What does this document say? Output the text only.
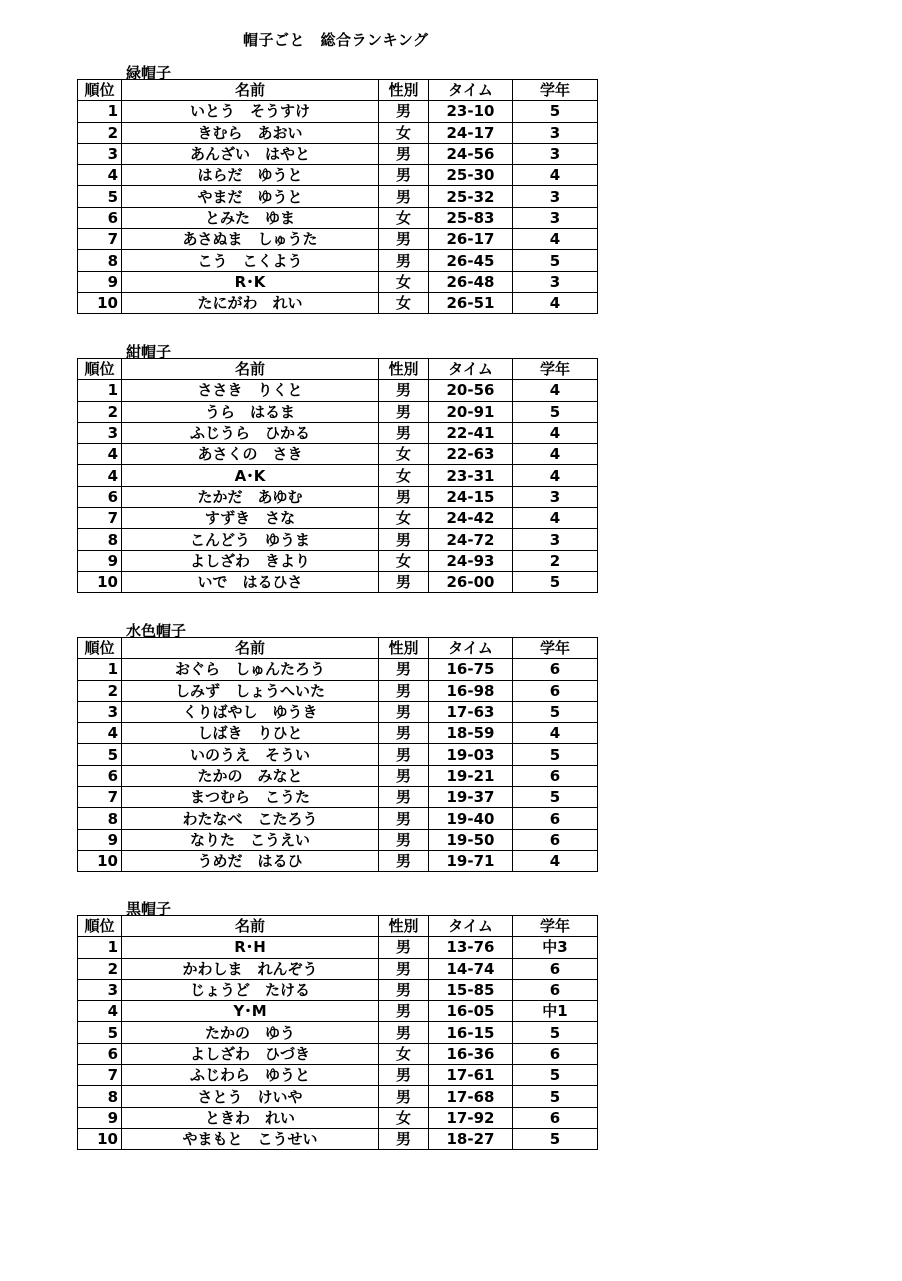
帽子ごと　総合ランキング
緑帽子
順位	名前	性別	タイム	学年
1	いとう　そうすけ	男	23-10	5
2	きむら　あおい	女	24-17	3
3	あんざい　はやと	男	24-56	3
4	はらだ　ゆうと	男	25-30	4
5	やまだ　ゆうと	男	25-32	3
6	とみた　ゆま	女	25-83	3
7	あさぬま　しゅうた	男	26-17	4
8	こう　こくよう	男	26-45	5
9	R･K	女	26-48	3
10	たにがわ　れい	女	26-51	4
紺帽子
順位	名前	性別	タイム	学年
1	ささき　りくと	男	20-56	4
2	うら　はるま	男	20-91	5
3	ふじうら　ひかる	男	22-41	4
4	あさくの　さき	女	22-63	4
4	A･K	女	23-31	4
6	たかだ　あゆむ	男	24-15	3
7	すずき　さな	女	24-42	4
8	こんどう　ゆうま	男	24-72	3
9	よしざわ　きより	女	24-93	2
10	いで　はるひさ	男	26-00	5
水色帽子
順位	名前	性別	タイム	学年
1	おぐら　しゅんたろう	男	16-75	6
2	しみず　しょうへいた	男	16-98	6
3	くりばやし　ゆうき	男	17-63	5
4	しばき　りひと	男	18-59	4
5	いのうえ　そうい	男	19-03	5
6	たかの　みなと	男	19-21	6
7	まつむら　こうた	男	19-37	5
8	わたなべ　こたろう	男	19-40	6
9	なりた　こうえい	男	19-50	6
10	うめだ　はるひ	男	19-71	4
黒帽子
順位	名前	性別	タイム	学年
1	R･H	男	13-76	中3
2	かわしま　れんぞう	男	14-74	6
3	じょうど　たける	男	15-85	6
4	Y･M	男	16-05	中1
5	たかの　ゆう	男	16-15	5
6	よしざわ　ひづき	女	16-36	6
7	ふじわら　ゆうと	男	17-61	5
8	さとう　けいや	男	17-68	5
9	ときわ　れい	女	17-92	6
10	やまもと　こうせい	男	18-27	5
